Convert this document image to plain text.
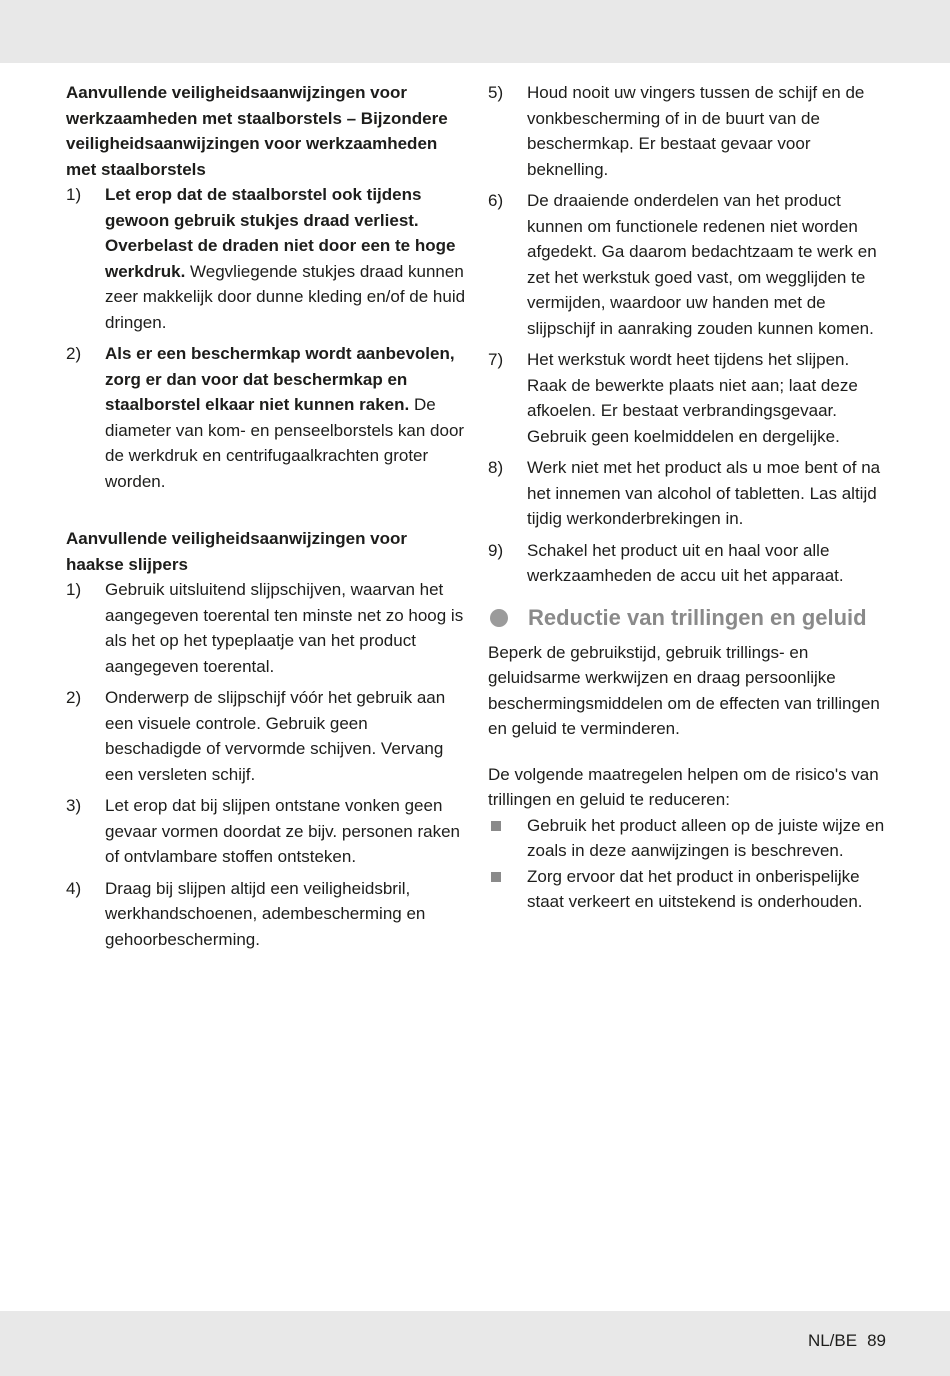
Aanvullende veiligheidsaanwijzingen voor werkzaamheden met staalborstels – Bijzondere veiligheidsaanwijzingen voor werkzaamheden met staalborstels

1) Let erop dat de staalborstel ook tijdens gewoon gebruik stukjes draad verliest. Overbelast de draden niet door een te hoge werkdruk. Wegvliegende stukjes draad kunnen zeer makkelijk door dunne kleding en/of de huid dringen.
2) Als er een beschermkap wordt aanbevolen, zorg er dan voor dat beschermkap en staalborstel elkaar niet kunnen raken. De diameter van kom- en penseelborstels kan door de werkdruk en centrifugaalkrachten groter worden.

Aanvullende veiligheidsaanwijzingen voor haakse slijpers

1) Gebruik uitsluitend slijpschijven, waarvan het aangegeven toerental ten minste net zo hoog is als het op het typeplaatje van het product aangegeven toerental.
2) Onderwerp de slijpschijf vóór het gebruik aan een visuele controle. Gebruik geen beschadigde of vervormde schijven. Vervang een versleten schijf.
3) Let erop dat bij slijpen ontstane vonken geen gevaar vormen doordat ze bijv. personen raken of ontvlambare stoffen ontsteken.
4) Draag bij slijpen altijd een veiligheidsbril, werkhandschoenen, adembescherming en gehoorbescherming.
5) Houd nooit uw vingers tussen de schijf en de vonkbescherming of in de buurt van de beschermkap. Er bestaat gevaar voor beknelling.
6) De draaiende onderdelen van het product kunnen om functionele redenen niet worden afgedekt. Ga daarom bedachtzaam te werk en zet het werkstuk goed vast, om wegglijden te vermijden, waardoor uw handen met de slijpschijf in aanraking zouden kunnen komen.
7) Het werkstuk wordt heet tijdens het slijpen. Raak de bewerkte plaats niet aan; laat deze afkoelen. Er bestaat verbrandingsgevaar. Gebruik geen koelmiddelen en dergelijke.
8) Werk niet met het product als u moe bent of na het innemen van alcohol of tabletten. Las altijd tijdig werkonderbrekingen in.
9) Schakel het product uit en haal voor alle werkzaamheden de accu uit het apparaat.
Reductie van trillingen en geluid

Beperk de gebruikstijd, gebruik trillings- en geluidsarme werkwijzen en draag persoonlijke beschermingsmiddelen om de effecten van trillingen en geluid te verminderen.

De volgende maatregelen helpen om de risico's van trillingen en geluid te reduceren:

Gebruik het product alleen op de juiste wijze en zoals in deze aanwijzingen is beschreven.
Zorg ervoor dat het product in onberispelijke staat verkeert en uitstekend is onderhouden.
NL/BE 89
